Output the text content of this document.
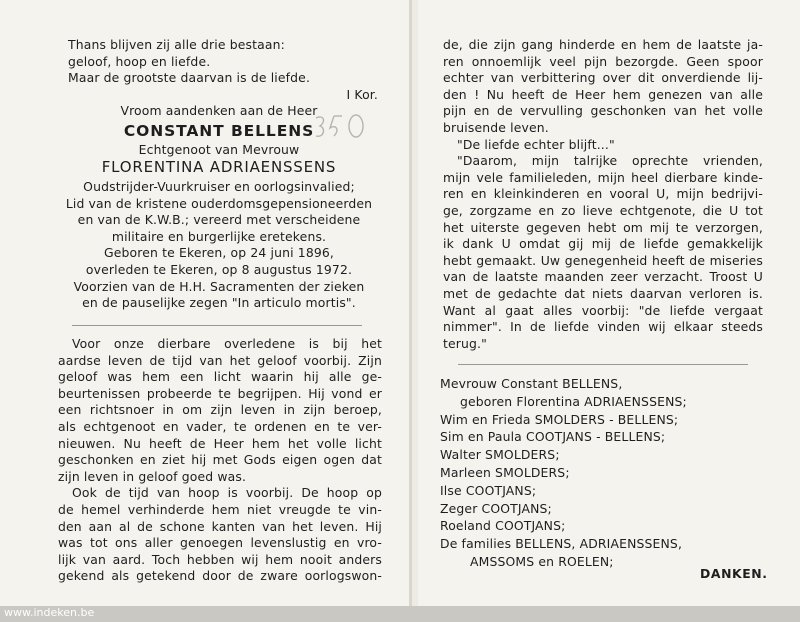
Thans blijven zij alle drie bestaan:
geloof, hoop en liefde.
Maar de grootste daarvan is de liefde.
I Kor.
Vroom aandenken aan de Heer
CONSTANT BELLENS
Echtgenoot van Mevrouw
FLORENTINA ADRIAENSSENS
Oudstrijder-Vuurkruiser en oorlogsinvalied;
Lid van de kristene ouderdomsgepensioneerden
en van de K.W.B.; vereerd met verscheidene
militaire en burgerlijke eretekens.
Geboren te Ekeren, op 24 juni 1896,
overleden te Ekeren, op 8 augustus 1972.
Voorzien van de H.H. Sacramenten der zieken
en de pauselijke zegen "In articulo mortis".
Voor onze dierbare overledene is bij het
aardse leven de tijd van het geloof voorbij. Zijn
geloof was hem een licht waarin hij alle ge-
beurtenissen probeerde te begrijpen. Hij vond er
een richtsnoer in om zijn leven in zijn beroep,
als echtgenoot en vader, te ordenen en te ver-
nieuwen. Nu heeft de Heer hem het volle licht
geschonken en ziet hij met Gods eigen ogen dat
zijn leven in geloof goed was.
Ook de tijd van hoop is voorbij. De hoop op
de hemel verhinderde hem niet vreugde te vin-
den aan al de schone kanten van het leven. Hij
was tot ons aller genoegen levenslustig en vro-
lijk van aard. Toch hebben wij hem nooit anders
gekend als getekend door de zware oorlogswon-
de, die zijn gang hinderde en hem de laatste ja-
ren onnoemlijk veel pijn bezorgde. Geen spoor
echter van verbittering over dit onverdiende lij-
den ! Nu heeft de Heer hem genezen van alle
pijn en de vervulling geschonken van het volle
bruisende leven.
"De liefde echter blijft..."
"Daarom, mijn talrijke oprechte vrienden,
mijn vele familieleden, mijn heel dierbare kinde-
ren en kleinkinderen en vooral U, mijn bedrijvi-
ge, zorgzame en zo lieve echtgenote, die U tot
het uiterste gegeven hebt om mij te verzorgen,
ik dank U omdat gij mij de liefde gemakkelijk
hebt gemaakt. Uw genegenheid heeft de miseries
van de laatste maanden zeer verzacht. Troost U
met de gedachte dat niets daarvan verloren is.
Want al gaat alles voorbij: "de liefde vergaat
nimmer". In de liefde vinden wij elkaar steeds
terug."
Mevrouw Constant BELLENS,
geboren Florentina ADRIAENSSENS;
Wim en Frieda SMOLDERS - BELLENS;
Sim en Paula COOTJANS - BELLENS;
Walter SMOLDERS;
Marleen SMOLDERS;
Ilse COOTJANS;
Zeger COOTJANS;
Roeland COOTJANS;
De families BELLENS, ADRIAENSSENS,
AMSSOMS en ROELEN;
DANKEN.
www.indeken.be
